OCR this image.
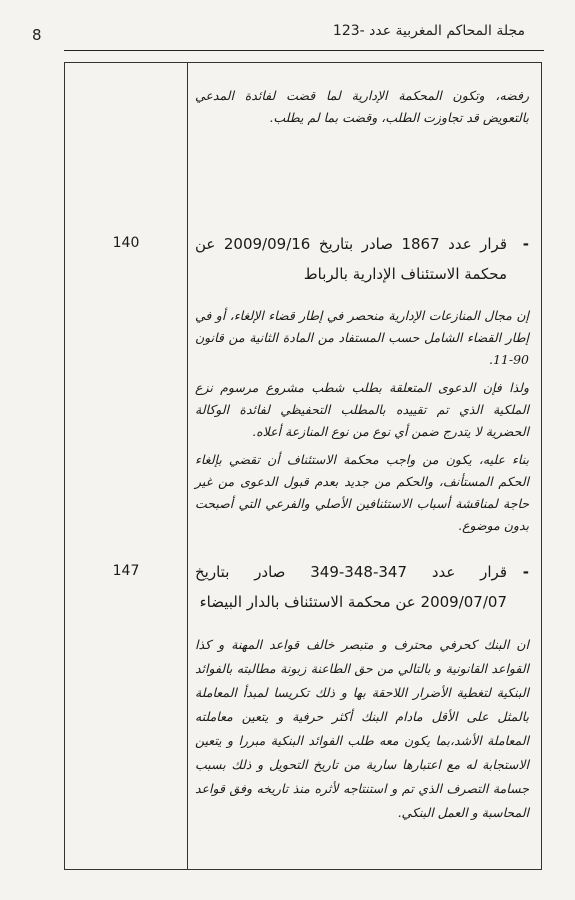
8	مجلة المحاكم المغربية عدد -123
140
147

رفضه، وتكون المحكمة الإدارية لما قضت لفائدة المدعي بالتعويض قد تجاوزت الطلب، وقضت بما لم يطلب.

-
قرار عدد 1867 صادر بتاريخ 2009/09/16 عن محكمة الاستئناف الإدارية بالرباط

إن مجال المنازعات الإدارية منحصر في إطار قضاء الإلغاء، أو في إطار القضاء الشامل حسب المستفاد من المادة الثانية من قانون 90-11.

ولذا فإن الدعوى المتعلقة بطلب شطب مشروع مرسوم نزع الملكية الذي تم تقييده بالمطلب التحفيظي لفائدة الوكالة الحضرية لا يتدرج ضمن أي نوع من نوع المنازعة أعلاه.

بناء عليه، يكون من واجب محكمة الاستئناف أن تقضي بإلغاء الحكم المستأنف، والحكم من جديد بعدم قبول الدعوى من غير حاجة لمناقشة أسباب الاستئنافين الأصلي والفرعي التي أصبحت بدون موضوع.

-
قرار عدد 347-348-349 صادر بتاريخ 2009/07/07 عن محكمة الاستئناف بالدار البيضاء

ان البنك كحرفي محترف و متبصر خالف قواعد المهنة و كذا القواعد القانونية و بالتالي من حق الطاعنة زبونة مطالبته بالفوائد البنكية لتغطية الأضرار اللاحقة بها و ذلك تكريسا لمبدأ المعاملة بالمثل على الأقل مادام البنك أكثر حرفية و يتعين معاملته المعاملة الأشد،بما يكون معه طلب الفوائد البنكية مبررا و يتعين الاستجابة له مع اعتبارها سارية من تاريخ التحويل و ذلك بسبب جسامة التصرف الذي تم و استنتاجه لأثره منذ تاريخه وفق قواعد المحاسبة و العمل البنكي.
